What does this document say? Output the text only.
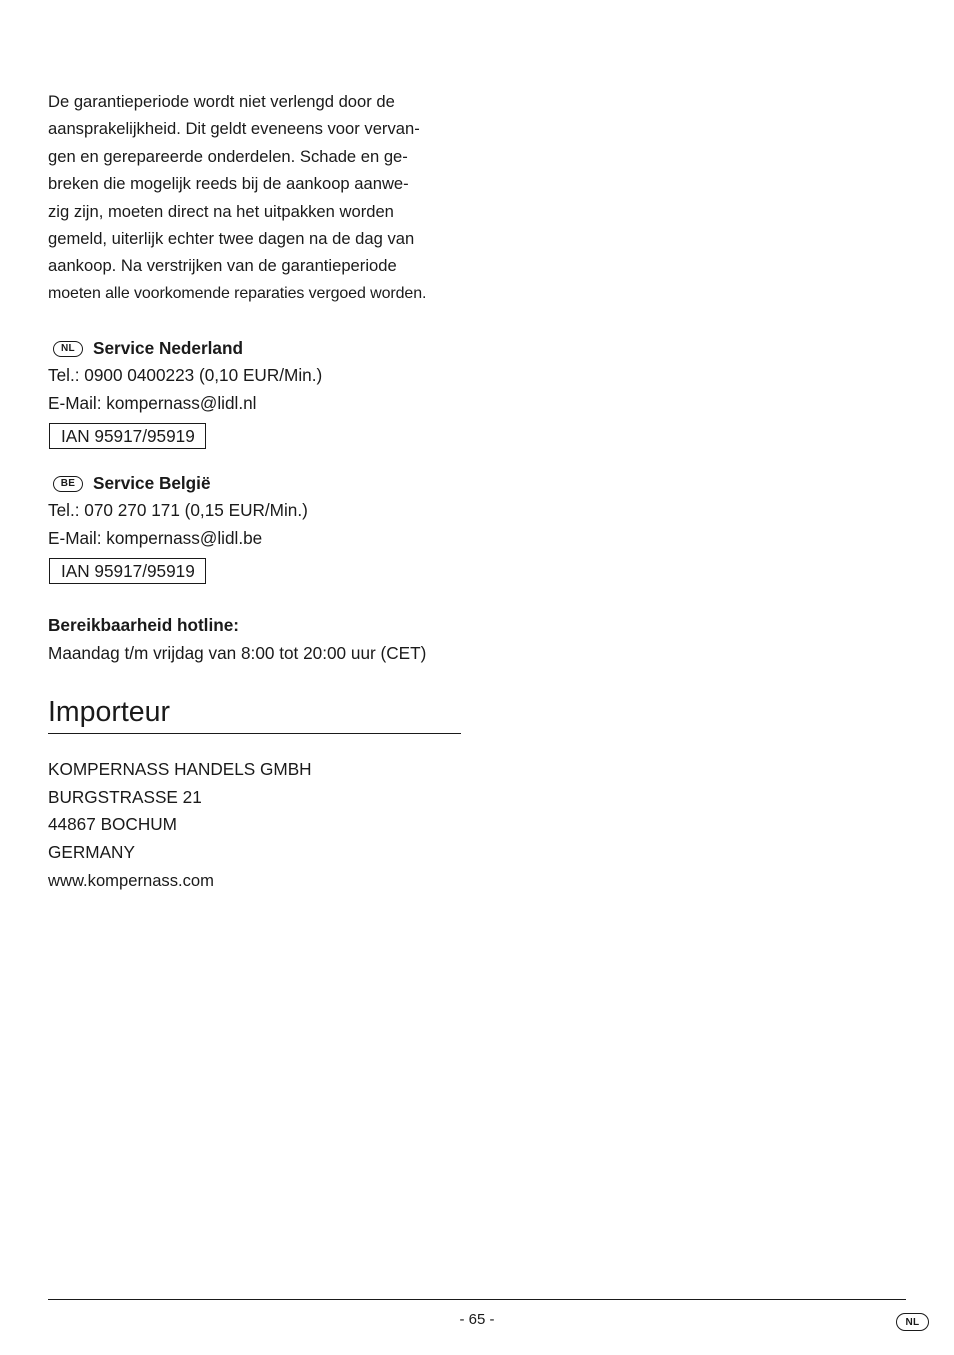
De garantieperiode wordt niet verlengd door de
aansprakelijkheid. Dit geldt eveneens voor vervan-
gen en gerepareerde onderdelen. Schade en ge-
breken die mogelijk reeds bij de aankoop aanwe-
zig zijn, moeten direct na het uitpakken worden
gemeld, uiterlijk echter twee dagen na de dag van
aankoop. Na verstrijken van de garantieperiode
moeten alle voorkomende reparaties vergoed worden.

NL	Service Nederland
Tel.: 0900 0400223 (0,10 EUR/Min.)
E-Mail: kompernass@lidl.nl
IAN 95917/95919
BE	Service België
Tel.: 070 270 171 (0,15 EUR/Min.)
E-Mail: kompernass@lidl.be
IAN 95917/95919
Bereikbaarheid hotline:
Maandag t/m vrijdag van 8:00 tot 20:00 uur (CET)
Importeur
KOMPERNASS HANDELS GMBH
BURGSTRASSE 21
44867 BOCHUM
GERMANY
www.kompernass.com
- 65 -	NL
